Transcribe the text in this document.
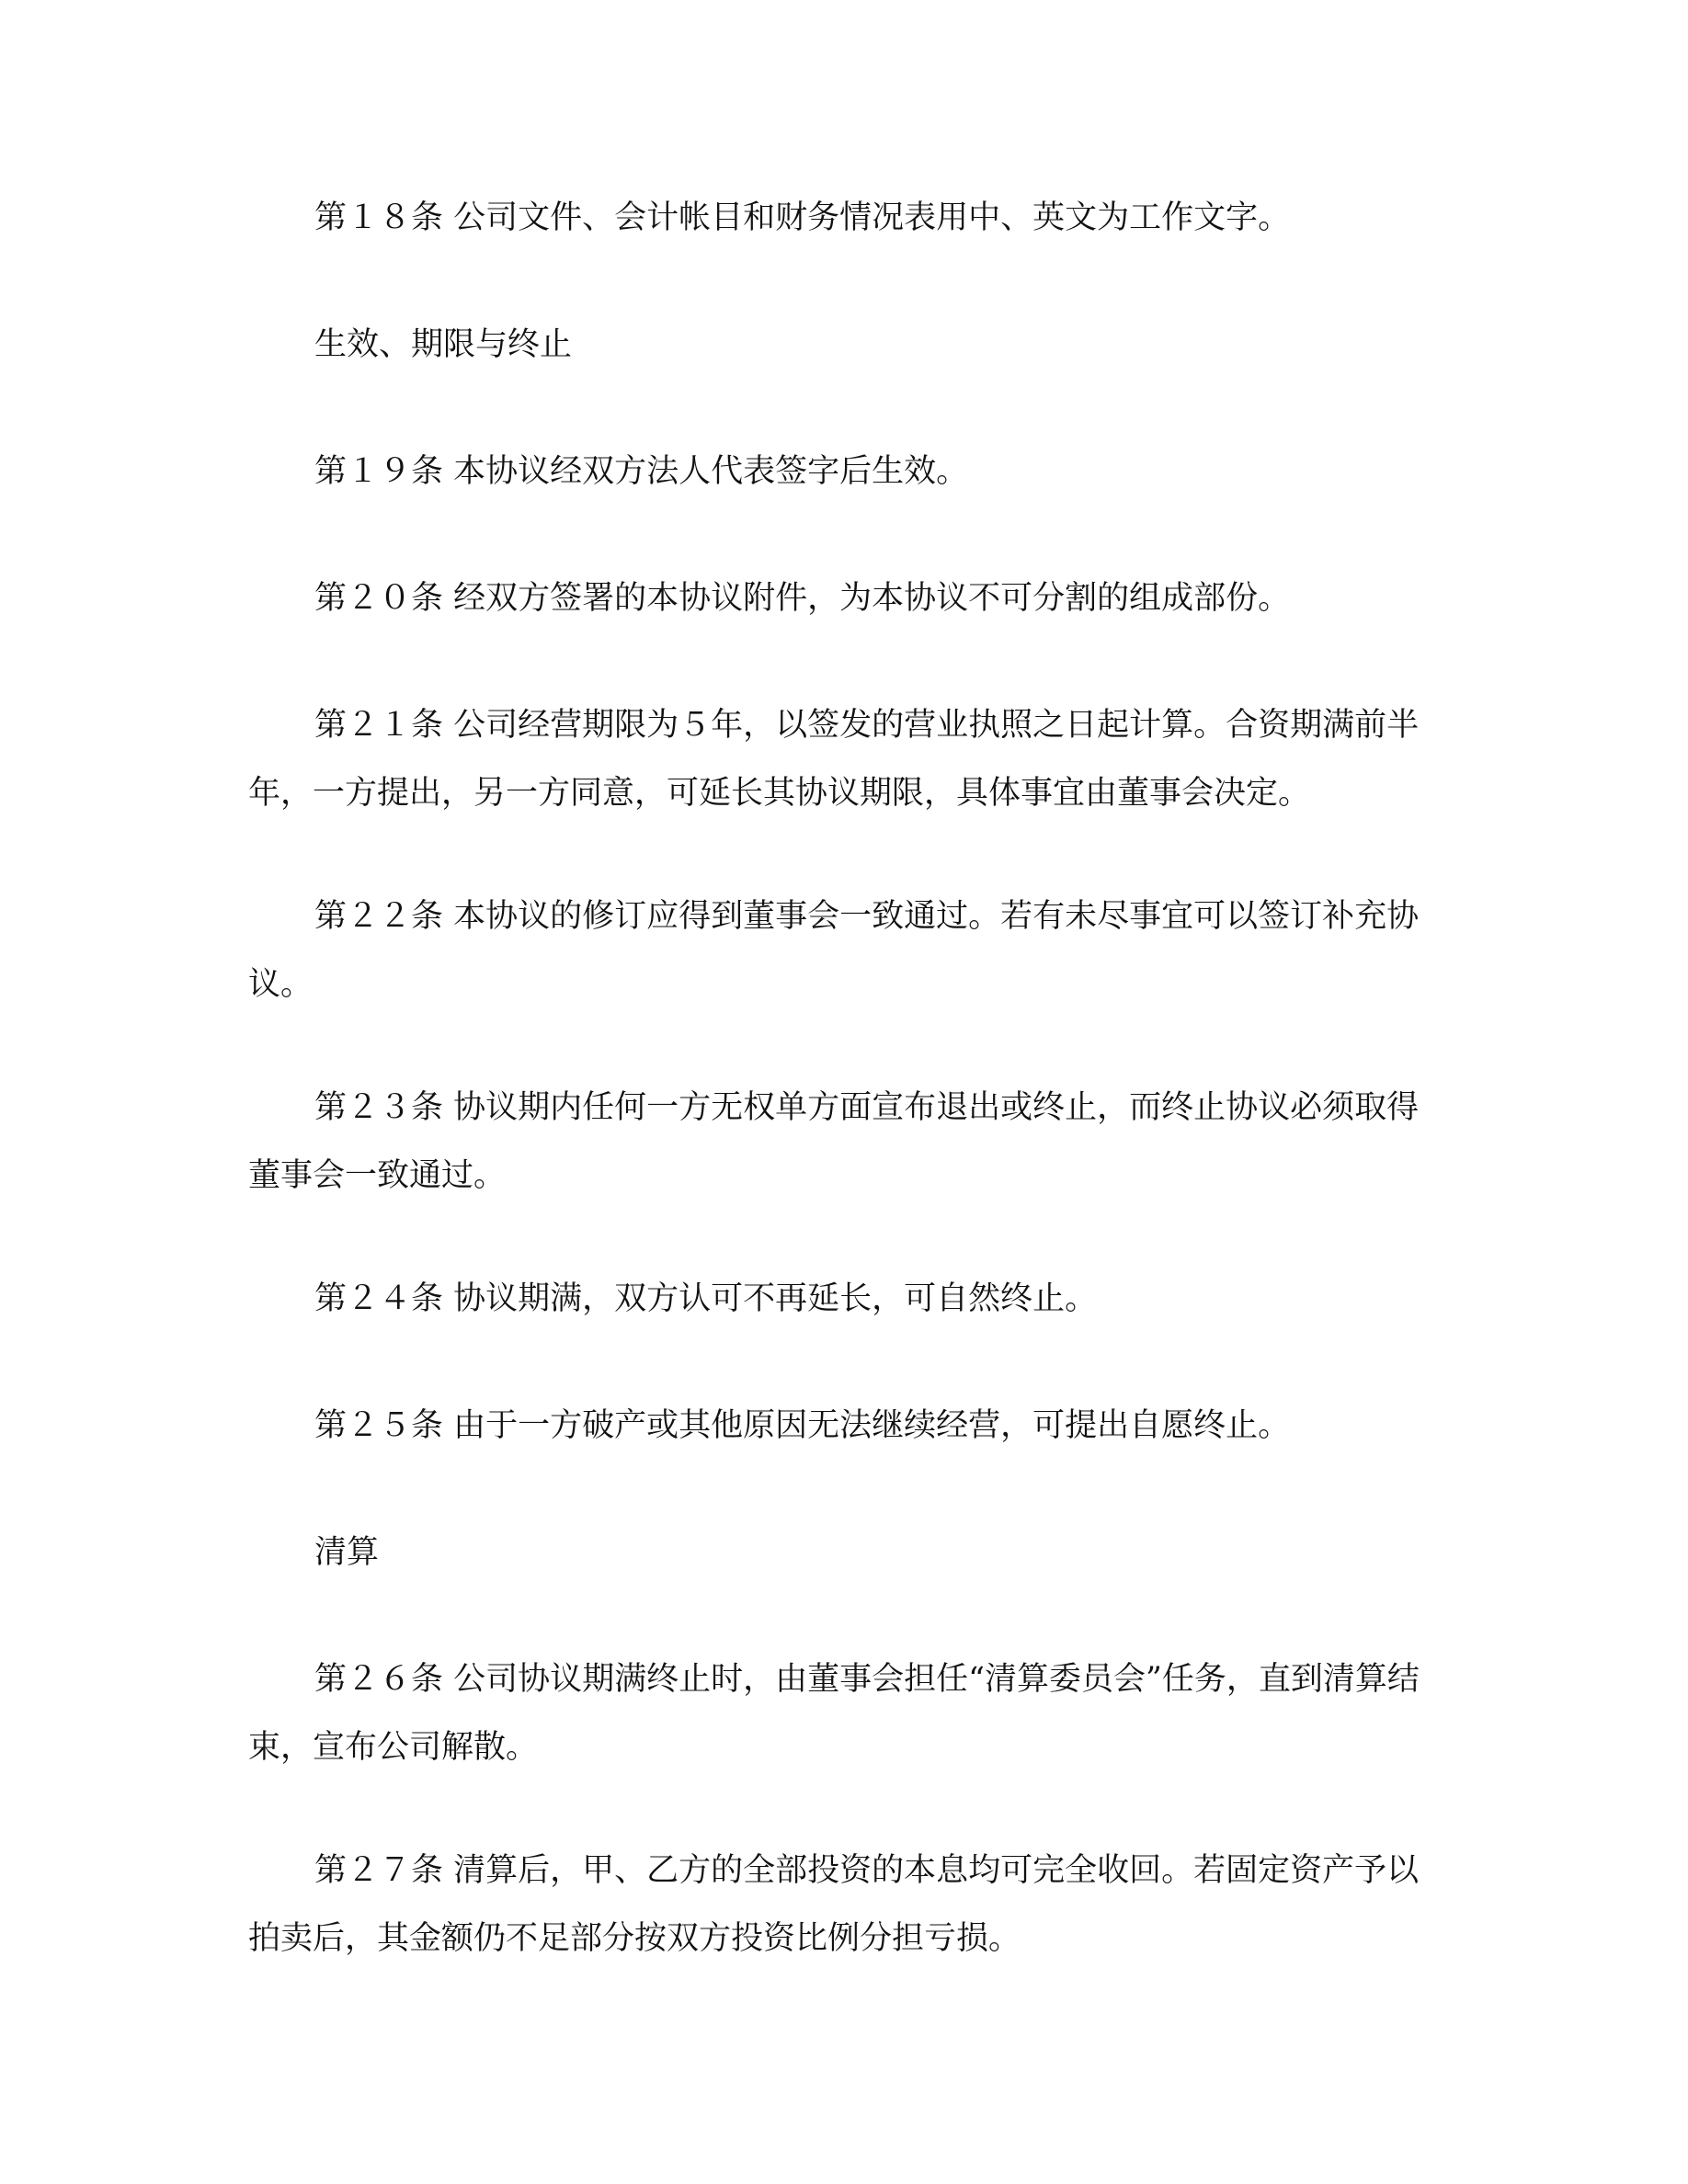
第１８条 公司文件、会计帐目和财务情况表用中、英文为工作文字。

生效、期限与终止

第１９条 本协议经双方法人代表签字后生效。

第２０条 经双方签署的本协议附件，为本协议不可分割的组成部份。

第２１条 公司经营期限为５年，以签发的营业执照之日起计算。合资期满前半年，一方提出，另一方同意，可延长其协议期限，具体事宜由董事会决定。

第２２条 本协议的修订应得到董事会一致通过。若有未尽事宜可以签订补充协议。

第２３条 协议期内任何一方无权单方面宣布退出或终止，而终止协议必须取得董事会一致通过。

第２４条 协议期满，双方认可不再延长，可自然终止。

第２５条 由于一方破产或其他原因无法继续经营，可提出自愿终止。

清算

第２６条 公司协议期满终止时，由董事会担任“清算委员会”任务，直到清算结束，宣布公司解散。

第２７条 清算后，甲、乙方的全部投资的本息均可完全收回。若固定资产予以拍卖后，其金额仍不足部分按双方投资比例分担亏损。
